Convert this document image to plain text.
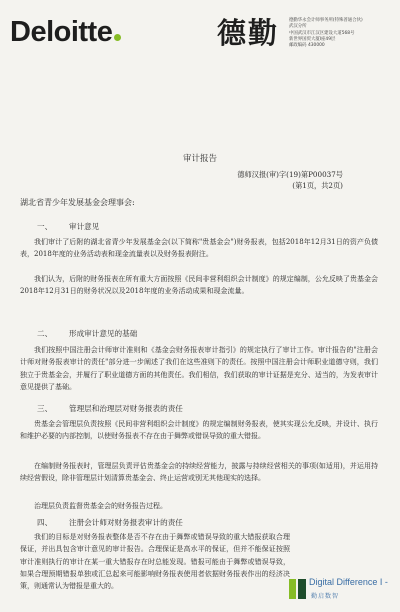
Deloitte	德勤 德勤华永会计师事务所(特殊普通合伙)
武汉分所
中国武汉市江汉区建设大道568号
新世界国贸大厦I座49层
邮政编码 430000
审计报告
德师汉报(审)字(19)第P00037号
(第1页，共2页)
湖北省青少年发展基金会理事会:
一、 审计意见
我们审计了后附的湖北省青少年发展基金会(以下简称"贵基金会")财务报表，包括2018年12月31日的资产负债表，2018年度的业务活动表和现金流量表以及财务报表附注。
我们认为，后附的财务报表在所有重大方面按照《民间非营利组织会计制度》的规定编制，公允反映了贵基金会2018年12月31日的财务状况以及2018年度的业务活动成果和现金流量。
二、 形成审计意见的基础
我们按照中国注册会计师审计准则和《基金会财务报表审计指引》的规定执行了审计工作。审计报告的"注册会计师对财务报表审计的责任"部分进一步阐述了我们在这些准则下的责任。按照中国注册会计师职业道德守则，我们独立于贵基金会，并履行了职业道德方面的其他责任。我们相信，我们获取的审计证据是充分、适当的，为发表审计意见提供了基础。
三、 管理层和治理层对财务报表的责任
贵基金会管理层负责按照《民间非营利组织会计制度》的规定编制财务报表，使其实现公允反映，并设计、执行和维护必要的内部控制，以使财务报表不存在由于舞弊或错误导致的重大错报。
在编制财务报表时，管理层负责评估贵基金会的持续经营能力，披露与持续经营相关的事项(如适用)，并运用持续经营假设，除非管理层计划清算贵基金会、终止运营或别无其他现实的选择。
治理层负责监督贵基金会的财务报告过程。
四、 注册会计师对财务报表审计的责任
我们的目标是对财务报表整体是否不存在由于舞弊或错误导致的重大错报获取合理保证，并出具包含审计意见的审计报告。合理保证是高水平的保证，但并不能保证按照审计准则执行的审计在某一重大错报存在时总能发现。错报可能由于舞弊或错误导致，如果合理预期错报单独或汇总起来可能影响财务报表使用者依据财务报表作出的经济决策，则通常认为错报是重大的。	Digital Difference I -
勤启数智
